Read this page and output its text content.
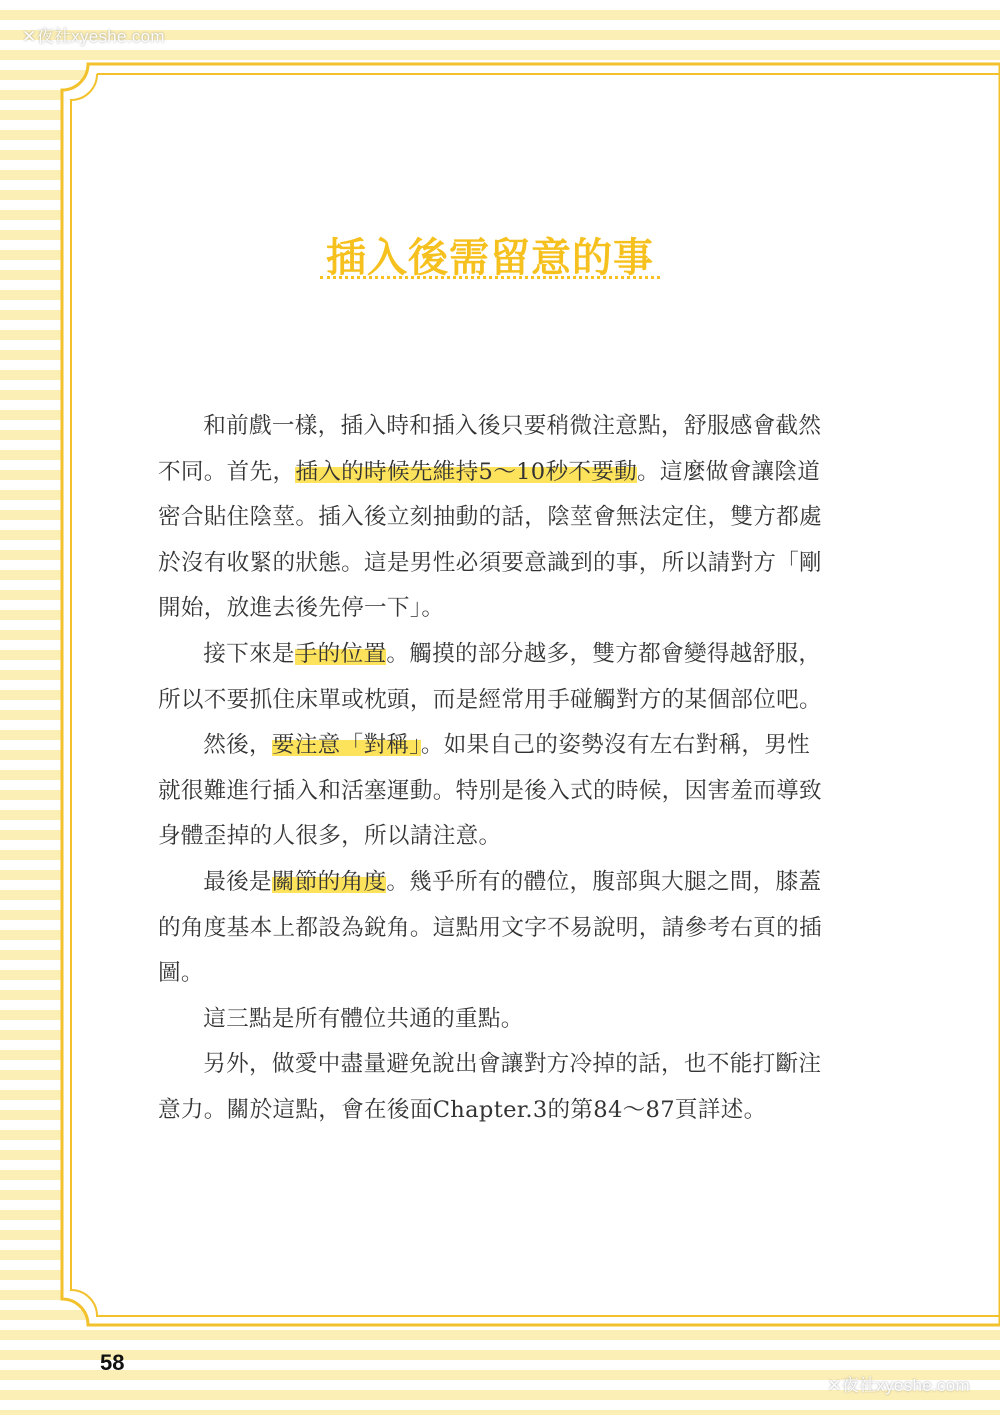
✕夜社xyeshe.com
插入後需留意的事

和前戲一樣，插入時和插入後只要稍微注意點，舒服感會截然不同。首先，插入的時候先維持5～10秒不要動。這麼做會讓陰道密合貼住陰莖。插入後立刻抽動的話，陰莖會無法定住，雙方都處於沒有收緊的狀態。這是男性必須要意識到的事，所以請對方「剛開始，放進去後先停一下」。

接下來是手的位置。觸摸的部分越多，雙方都會變得越舒服，所以不要抓住床單或枕頭，而是經常用手碰觸對方的某個部位吧。

然後，要注意「對稱」。如果自己的姿勢沒有左右對稱，男性就很難進行插入和活塞運動。特別是後入式的時候，因害羞而導致身體歪掉的人很多，所以請注意。

最後是關節的角度。幾乎所有的體位，腹部與大腿之間，膝蓋的角度基本上都設為銳角。這點用文字不易說明，請參考右頁的插圖。

這三點是所有體位共通的重點。

另外，做愛中盡量避免說出會讓對方冷掉的話，也不能打斷注意力。關於這點，會在後面Chapter.3的第84～87頁詳述。

58
✕夜社xyeshe.com
